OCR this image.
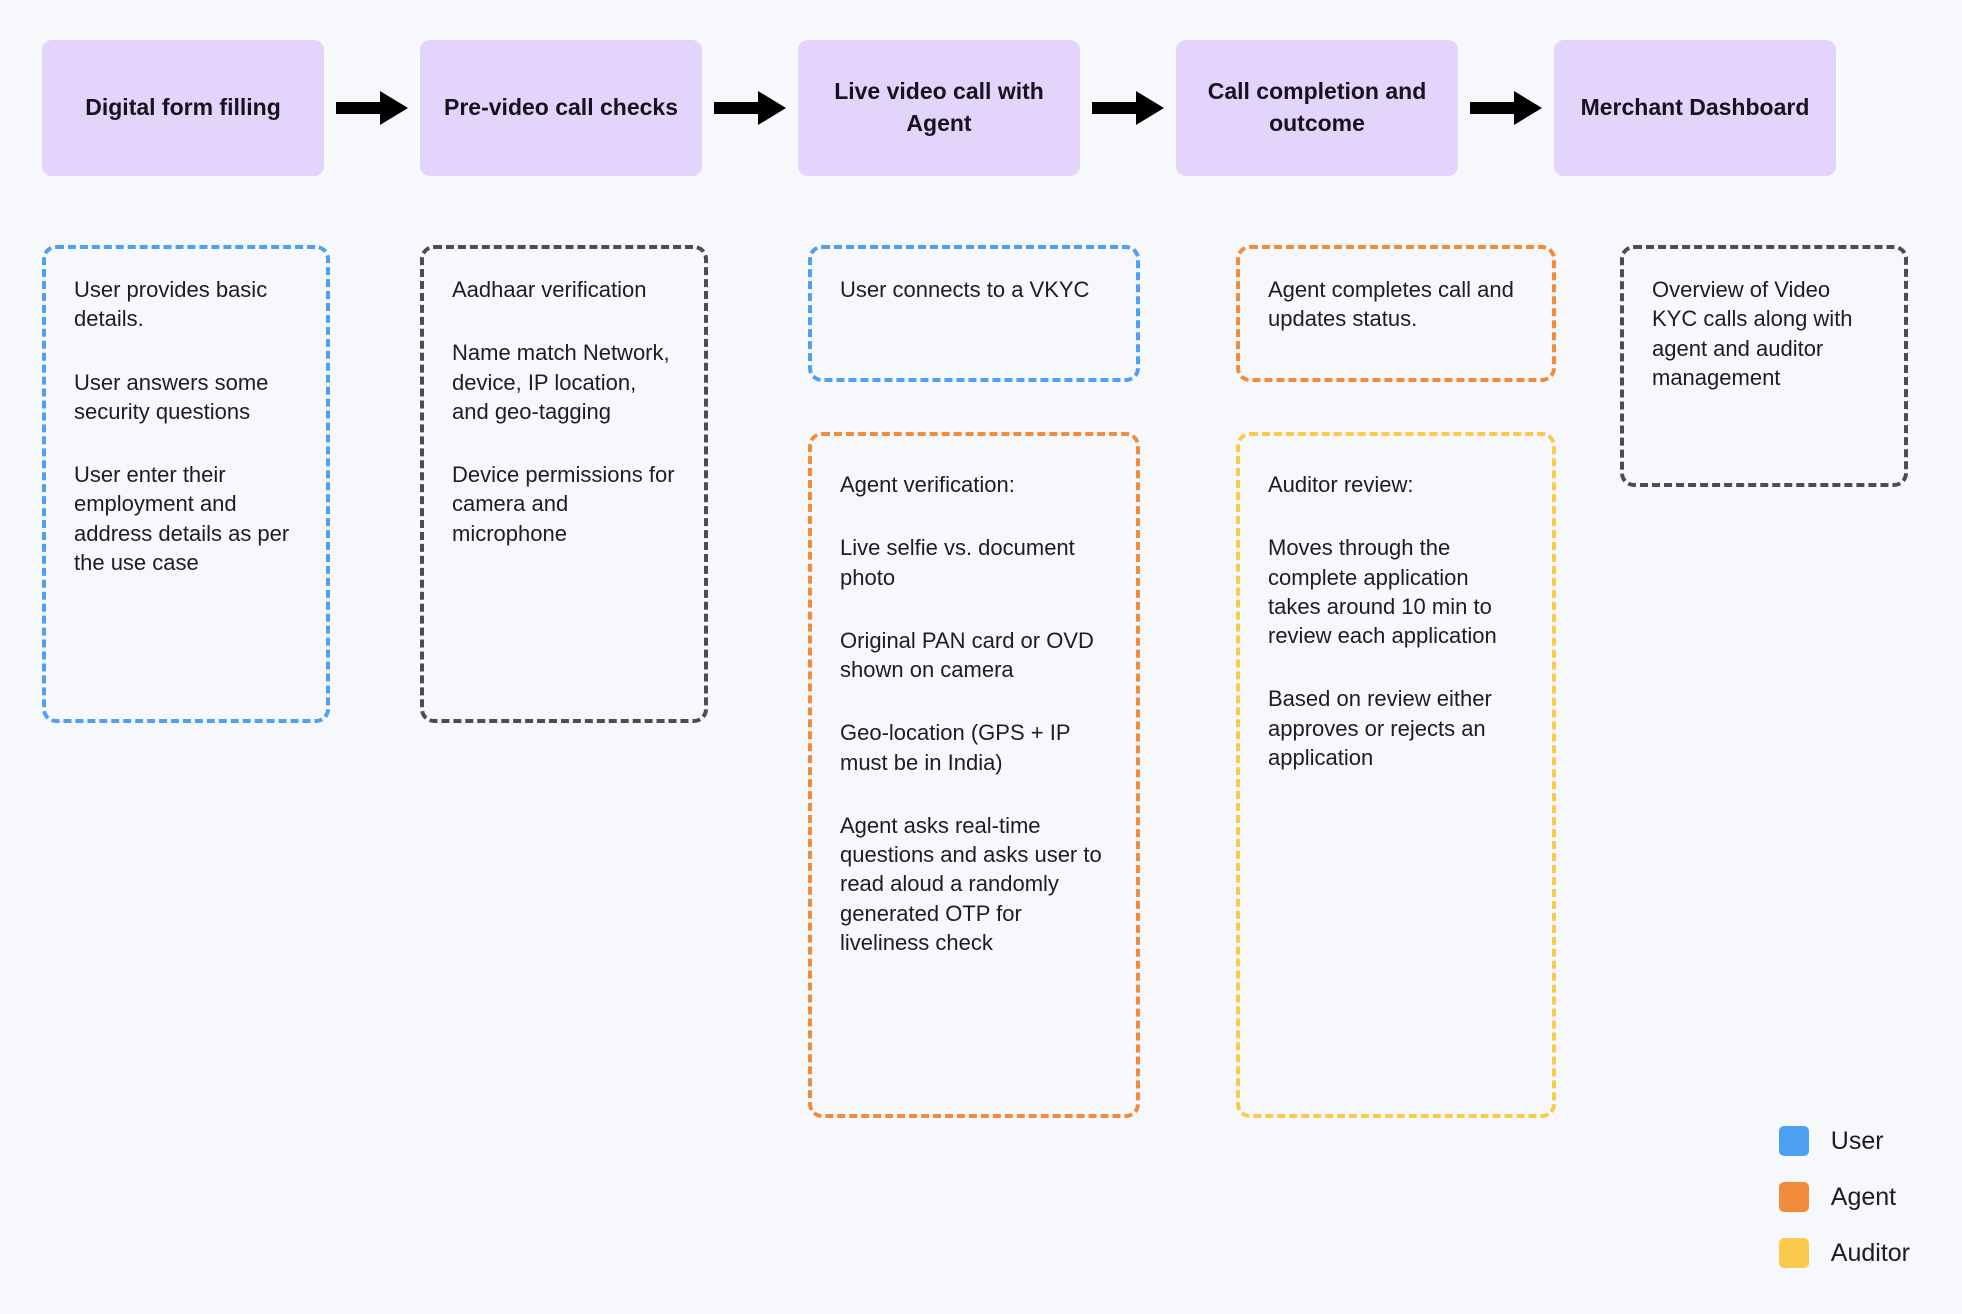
Digital form filling	Pre-video call checks
Live video call with Agent
Call completion and outcome
Merchant Dashboard

User provides basic details.

User answers some security questions

User enter their employment and address details as per the use case

Aadhaar verification

Name match Network, device, IP location, and geo-tagging

Device permissions for camera and microphone

User connects to a VKYC

Agent verification:

Live selfie vs. document photo

Original PAN card or OVD shown on camera

Geo-location (GPS + IP must be in India)

Agent asks real-time questions and asks user to read aloud a randomly generated OTP for liveliness check

Agent completes call and updates status.

Auditor review:

Moves through the complete application takes around 10 min to review each application

Based on review either approves or rejects an application

Overview of Video KYC calls along with agent and auditor management

User
Agent
Auditor
